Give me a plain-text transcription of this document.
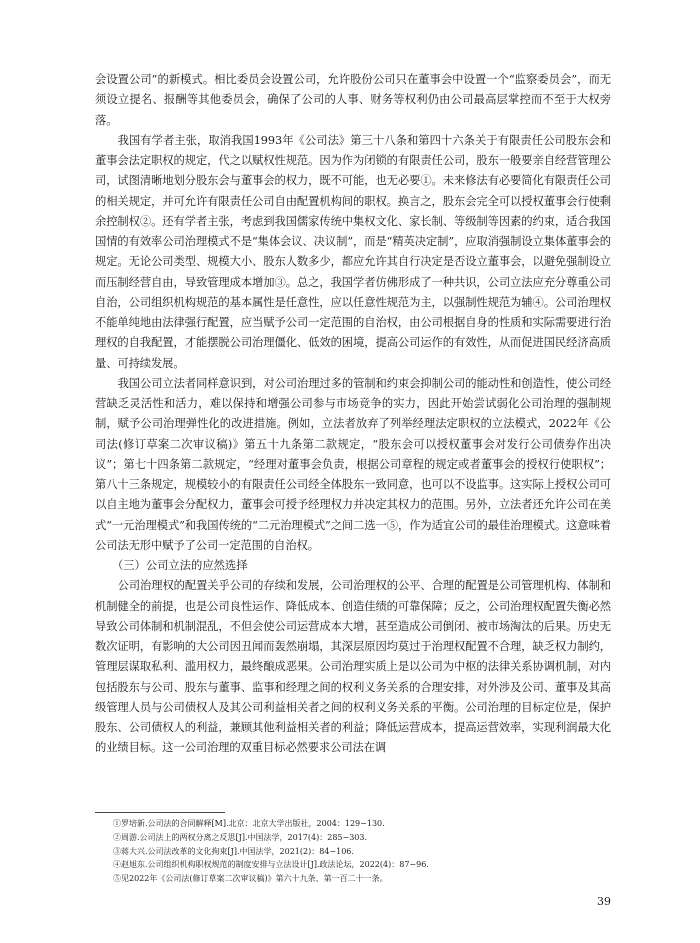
会设置公司”的新模式。相比委员会设置公司，允许股份公司只在董事会中设置一个“监察委员会”，而无须设立提名、报酬等其他委员会，确保了公司的人事、财务等权利仍由公司最高层掌控而不至于大权旁落。

我国有学者主张，取消我国1993年《公司法》第三十八条和第四十六条关于有限责任公司股东会和董事会法定职权的规定，代之以赋权性规范。因为作为闭锁的有限责任公司，股东一般要亲自经营管理公司，试图清晰地划分股东会与董事会的权力，既不可能，也无必要①。未来修法有必要简化有限责任公司的相关规定，并可允许有限责任公司自由配置机构间的职权。换言之，股东会完全可以授权董事会行使剩余控制权②。还有学者主张，考虑到我国儒家传统中集权文化、家长制、等级制等因素的约束，适合我国国情的有效率公司治理模式不是“集体会议、决议制”，而是“精英决定制”，应取消强制设立集体董事会的规定。无论公司类型、规模大小、股东人数多少，都应允许其自行决定是否设立董事会，以避免强制设立而压制经营自由，导致管理成本增加③。总之，我国学者仿佛形成了一种共识，公司立法应充分尊重公司自治，公司组织机构规范的基本属性是任意性，应以任意性规范为主，以强制性规范为辅④。公司治理权不能单纯地由法律强行配置，应当赋予公司一定范围的自治权，由公司根据自身的性质和实际需要进行治理权的自我配置，才能摆脱公司治理僵化、低效的困境，提高公司运作的有效性，从而促进国民经济高质量、可持续发展。

我国公司立法者同样意识到，对公司治理过多的管制和约束会抑制公司的能动性和创造性，使公司经营缺乏灵活性和活力，难以保持和增强公司参与市场竞争的实力，因此开始尝试弱化公司治理的强制规制，赋予公司治理弹性化的改进措施。例如，立法者放弃了列举经理法定职权的立法模式，2022年《公司法(修订草案二次审议稿)》第五十九条第二款规定，“股东会可以授权董事会对发行公司债券作出决议”；第七十四条第二款规定，“经理对董事会负责，根据公司章程的规定或者董事会的授权行使职权”；第八十三条规定，规模较小的有限责任公司经全体股东一致同意，也可以不设监事。这实际上授权公司可以自主地为董事会分配权力，董事会可授予经理权力并决定其权力的范围。另外，立法者还允许公司在美式“一元治理模式”和我国传统的“二元治理模式”之间二选一⑤，作为适宜公司的最佳治理模式。这意味着公司法无形中赋予了公司一定范围的自治权。

（三）公司立法的应然选择

公司治理权的配置关乎公司的存续和发展，公司治理权的公平、合理的配置是公司管理机构、体制和机制健全的前提，也是公司良性运作、降低成本、创造佳绩的可靠保障；反之，公司治理权配置失衡必然导致公司体制和机制混乱，不但会使公司运营成本大增，甚至造成公司倒闭、被市场淘汰的后果。历史无数次证明，有影响的大公司因丑闻而轰然崩塌，其深层原因均莫过于治理权配置不合理，缺乏权力制约，管理层谋取私利、滥用权力，最终酿成恶果。公司治理实质上是以公司为中枢的法律关系协调机制，对内包括股东与公司、股东与董事、监事和经理之间的权利义务关系的合理安排，对外涉及公司、董事及其高级管理人员与公司债权人及其公司利益相关者之间的权利义务关系的平衡。公司治理的目标定位是，保护股东、公司债权人的利益，兼顾其他利益相关者的利益；降低运营成本，提高运营效率，实现利润最大化的业绩目标。这一公司治理的双重目标必然要求公司法在调

①罗培新.公司法的合同解释[M].北京：北京大学出版社，2004：129−130.

②周游.公司法上的两权分离之反思[J].中国法学，2017(4)：285−303.

③蒋大兴.公司法改革的文化拘束[J].中国法学，2021(2)：84−106.

④赵旭东.公司组织机构职权规范的制度安排与立法设计[J].政法论坛，2022(4)：87−96.

⑤见2022年《公司法(修订草案二次审议稿)》第六十九条、第一百二十一条。

39
